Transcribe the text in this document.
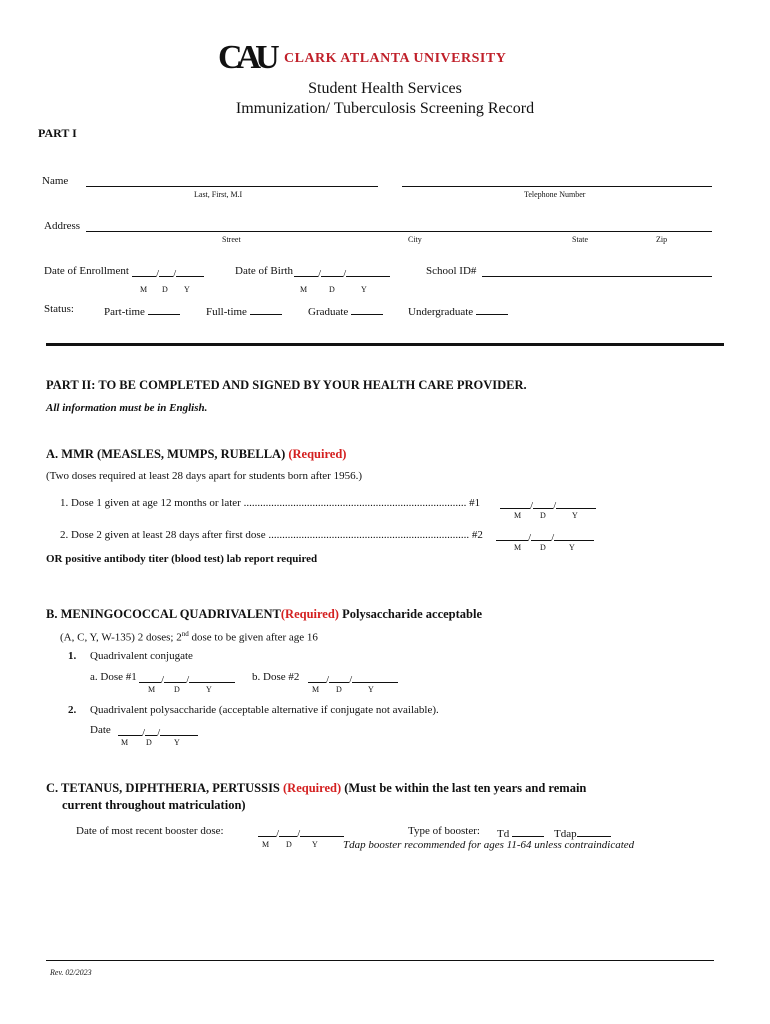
CAU CLARK ATLANTA UNIVERSITY
Student Health Services
Immunization/ Tuberculosis Screening Record
PART I
Name
Last, First, M.I	Telephone Number
Address
Street	City	State	Zip
Date of Enrollment	/ /
M D Y
Date of Birth	/ /
M	D	Y
School ID#
Status:	Part-time	Full-time	Graduate	Undergraduate
PART II: TO BE COMPLETED AND SIGNED BY YOUR HEALTH CARE PROVIDER.
All information must be in English.
A. MMR (MEASLES, MUMPS, RUBELLA) (Required)
(Two doses required at least 28 days apart for students born after 1956.)
1. Dose 1 given at age 12 months or later ................................................................................. #1	/ /
M D	Y
2. Dose 2 given at least 28 days after first dose ......................................................................... #2	/ /
M D	Y
OR positive antibody titer (blood test) lab report required
B. MENINGOCOCCAL QUADRIVALENT(Required) Polysaccharide acceptable
(A, C, Y, W-135) 2 doses; 2nd dose to be given after age 16
1. Quadrivalent conjugate
a. Dose #1	/ /
M D	Y
b. Dose #2	/ /
M D	Y
2. Quadrivalent polysaccharide (acceptable alternative if conjugate not available).
Date	/ /
M D	Y
C. TETANUS, DIPHTHERIA, PERTUSSIS (Required) (Must be within the last ten years and remain
current throughout matriculation)
Date of most recent booster dose:	/ /
M D	Y
Type of booster: Td	Tdap
Tdap booster recommended for ages 11-64 unless contraindicated
Rev. 02/2023
